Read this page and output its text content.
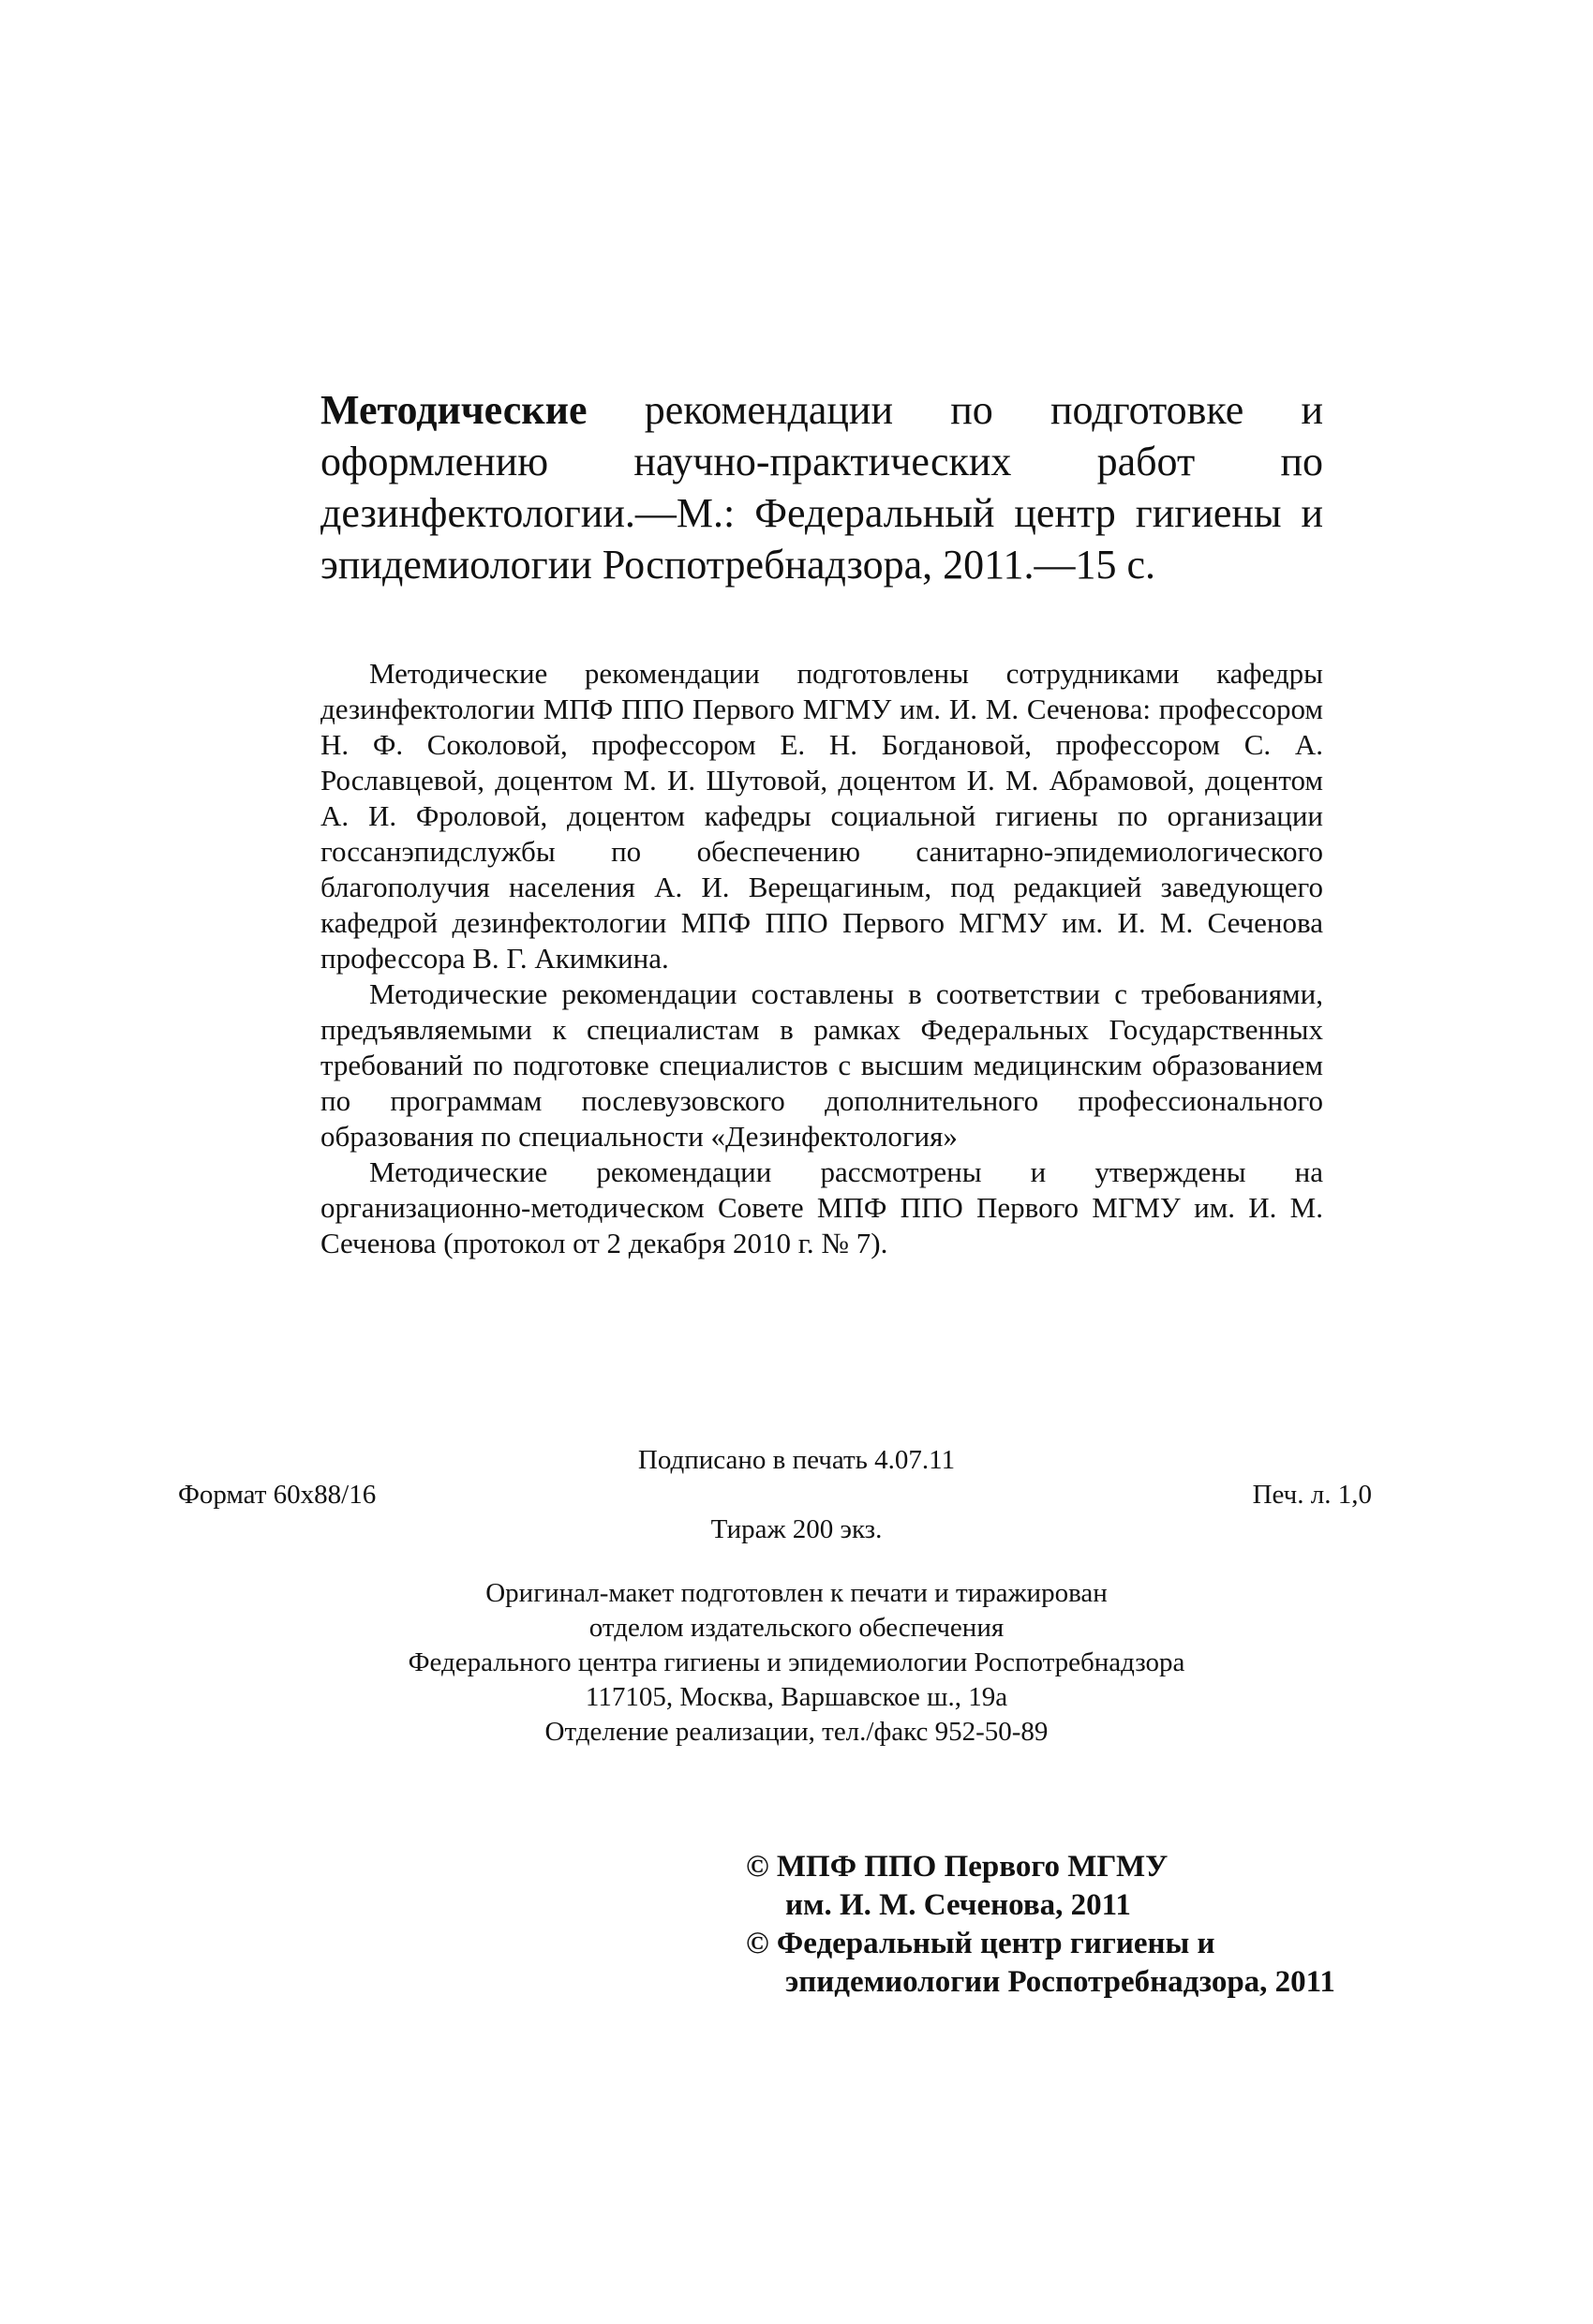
Методические рекомендации по подготовке и оформлению научно-практических работ по дезинфектологии.—М.: Федеральный центр гигиены и эпидемиологии Роспотребнадзора, 2011.—15 с.

Методические рекомендации подготовлены сотрудниками кафедры дезинфектологии МПФ ППО Первого МГМУ им. И. М. Сеченова: профессором Н. Ф. Соколовой, профессором Е. Н. Богдановой, профессором С. А. Рославцевой, доцентом М. И. Шутовой, доцентом И. М. Абрамовой, доцентом А. И. Фроловой, доцентом кафедры социальной гигиены по организации госсанэпидслужбы по обеспечению санитарно-эпидемиологического благополучия населения А. И. Верещагиным, под редакцией заведующего кафедрой дезинфектологии МПФ ППО Первого МГМУ им. И. М. Сеченова профессора В. Г. Акимкина.

Методические рекомендации составлены в соответствии с требованиями, предъявляемыми к специалистам в рамках Федеральных Государственных требований по подготовке специалистов с высшим медицинским образованием по программам послевузовского дополнительного профессионального образования по специальности «Дезинфектология»

Методические рекомендации рассмотрены и утверждены на организационно-методическом Совете МПФ ППО Первого МГМУ им. И. М. Сеченова (протокол от 2 декабря 2010 г. № 7).

Подписано в печать 4.07.11
Формат 60x88/16	Печ. л. 1,0
Тираж 200 экз.
Оригинал-макет подготовлен к печати и тиражирован
отделом издательского обеспечения
Федерального центра гигиены и эпидемиологии Роспотребнадзора
117105, Москва, Варшавское ш., 19а
Отделение реализации, тел./факс 952-50-89
© МПФ ППО Первого МГМУ
им. И. М. Сеченова, 2011
© Федеральный центр гигиены и
эпидемиологии Роспотребнадзора, 2011
